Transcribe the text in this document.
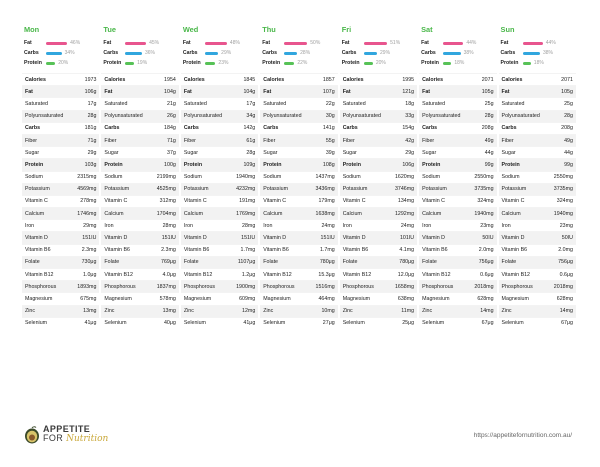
Mon
Fat	46%
Carbs	34%
Protein	20%
Calories	1973
Fat	106g
Saturated	17g
Polyunsaturated	28g
Carbs	181g
Fiber	71g
Sugar	29g
Protein	103g
Sodium	2315mg
Potassium	4569mg
Vitamin C	278mg
Calcium	1746mg
Iron	29mg
Vitamin D	151IU
Vitamin B6	2.3mg
Folate	730μg
Vitamin B12	1.0μg
Phosphorous	1893mg
Magnesium	675mg
Zinc	13mg
Selenium	41μg
Tue
Fat	45%
Carbs	36%
Protein	19%
Calories	1954
Fat	104g
Saturated	21g
Polyunsaturated	26g
Carbs	184g
Fiber	71g
Sugar	37g
Protein	100g
Sodium	2199mg
Potassium	4525mg
Vitamin C	312mg
Calcium	1704mg
Iron	28mg
Vitamin D	151IU
Vitamin B6	2.3mg
Folate	769μg
Vitamin B12	4.0μg
Phosphorous	1837mg
Magnesium	578mg
Zinc	13mg
Selenium	40μg
Wed
Fat	48%
Carbs	29%
Protein	23%
Calories	1845
Fat	104g
Saturated	17g
Polyunsaturated	34g
Carbs	142g
Fiber	61g
Sugar	28g
Protein	109g
Sodium	1940mg
Potassium	4232mg
Vitamin C	191mg
Calcium	1769mg
Iron	28mg
Vitamin D	151IU
Vitamin B6	1.7mg
Folate	1107μg
Vitamin B12	1.2μg
Phosphorous	1900mg
Magnesium	609mg
Zinc	12mg
Selenium	41μg
Thu
Fat	50%
Carbs	28%
Protein	22%
Calories	1857
Fat	107g
Saturated	22g
Polyunsaturated	30g
Carbs	141g
Fiber	55g
Sugar	39g
Protein	108g
Sodium	1437mg
Potassium	3436mg
Vitamin C	179mg
Calcium	1638mg
Iron	24mg
Vitamin D	151IU
Vitamin B6	1.7mg
Folate	780μg
Vitamin B12	15.3μg
Phosphorous	1516mg
Magnesium	464mg
Zinc	10mg
Selenium	27μg
Fri
Fat	51%
Carbs	29%
Protein	20%
Calories	1995
Fat	121g
Saturated	18g
Polyunsaturated	33g
Carbs	154g
Fiber	42g
Sugar	29g
Protein	106g
Sodium	1620mg
Potassium	3746mg
Vitamin C	134mg
Calcium	1292mg
Iron	24mg
Vitamin D	101IU
Vitamin B6	4.1mg
Folate	780μg
Vitamin B12	12.0μg
Phosphorous	1658mg
Magnesium	638mg
Zinc	11mg
Selenium	25μg
Sat
Fat	44%
Carbs	38%
Protein	18%
Calories	2071
Fat	105g
Saturated	25g
Polyunsaturated	28g
Carbs	208g
Fiber	49g
Sugar	44g
Protein	99g
Sodium	2550mg
Potassium	3735mg
Vitamin C	324mg
Calcium	1940mg
Iron	23mg
Vitamin D	50IU
Vitamin B6	2.0mg
Folate	756μg
Vitamin B12	0.6μg
Phosphorous	2018mg
Magnesium	628mg
Zinc	14mg
Selenium	67μg
Sun
Fat	44%
Carbs	38%
Protein	18%
Calories	2071
Fat	105g
Saturated	25g
Polyunsaturated	28g
Carbs	208g
Fiber	49g
Sugar	44g
Protein	99g
Sodium	2550mg
Potassium	3735mg
Vitamin C	324mg
Calcium	1940mg
Iron	23mg
Vitamin D	50IU
Vitamin B6	2.0mg
Folate	756μg
Vitamin B12	0.6μg
Phosphorous	2018mg
Magnesium	628mg
Zinc	14mg
Selenium	67μg
APPETITE
FOR Nutrition	https://appetitefornutrition.com.au/
